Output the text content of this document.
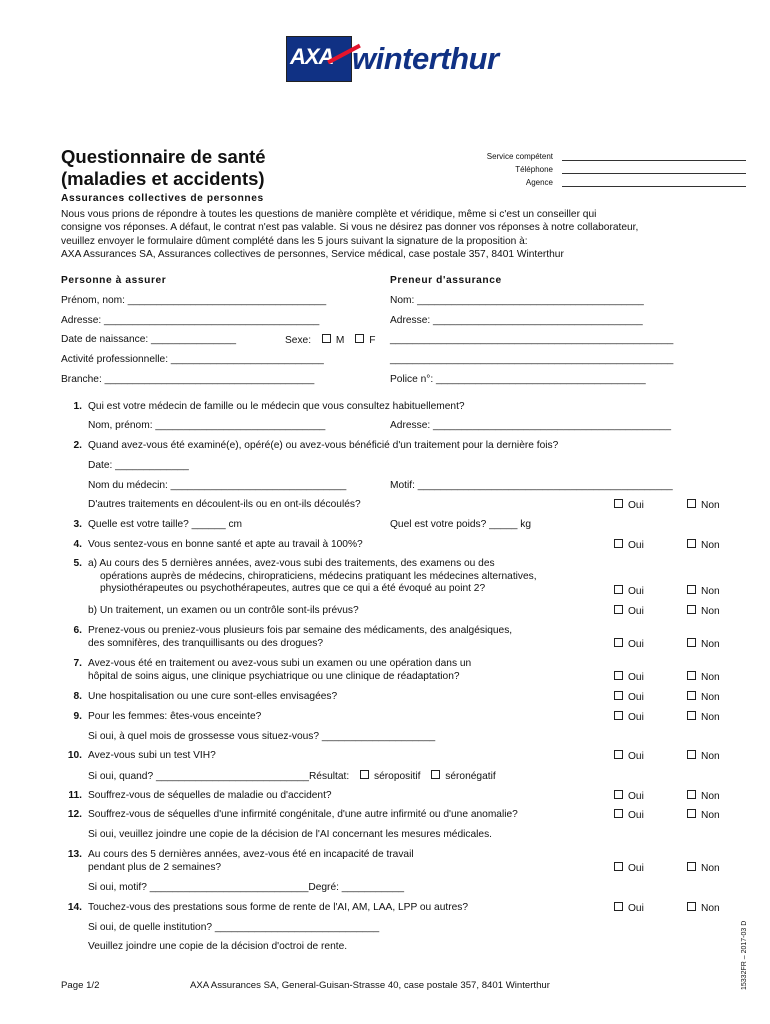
AXA winterthur
Questionnaire de santé
(maladies et accidents)
Service compétent
Téléphone
Agence
Assurances collectives de personnes
Nous vous prions de répondre à toutes les questions de manière complète et véridique, même si c'est un conseiller qui
consigne vos réponses. A défaut, le contrat n'est pas valable. Si vous ne désirez pas donner vos réponses à notre collaborateur,
veuillez envoyer le formulaire dûment complété dans les 5 jours suivant la signature de la proposition à:
AXA Assurances SA, Assurances collectives de personnes, Service médical, case postale 357, 8401 Winterthur
Personne à assurer	Preneur d'assurance
Prénom, nom: ___________________________________	Nom: ________________________________________
Adresse: ______________________________________	Adresse: _____________________________________
Date de naissance: _______________	Sexe: M F __________________________________________________
Activité professionnelle: ___________________________	__________________________________________________
Branche: _____________________________________	Police n°: _____________________________________
1. Qui est votre médecin de famille ou le médecin que vous consultez habituellement?
Nom, prénom: ______________________________	Adresse: __________________________________________
2. Quand avez-vous été examiné(e), opéré(e) ou avez-vous bénéficié d'un traitement pour la dernière fois?
Date: _____________
Nom du médecin: _______________________________	Motif: _____________________________________________
D'autres traitements en découlent-ils ou en ont-ils découlés?	Oui	Non
3. Quelle est votre taille? ______ cm	Quel est votre poids? _____ kg
4. Vous sentez-vous en bonne santé et apte au travail à 100%?	Oui	Non
5. a) Au cours des 5 dernières années, avez-vous subi des traitements, des examens ou des
opérations auprès de médecins, chiropraticiens, médecins pratiquant les médecines alternatives,
physiothérapeutes ou psychothérapeutes, autres que ce qui a été évoqué au point 2?	Oui	Non
b) Un traitement, un examen ou un contrôle sont-ils prévus?	Oui	Non
6. Prenez-vous ou preniez-vous plusieurs fois par semaine des médicaments, des analgésiques,
des somnifères, des tranquillisants ou des drogues?	Oui	Non
7. Avez-vous été en traitement ou avez-vous subi un examen ou une opération dans un
hôpital de soins aigus, une clinique psychiatrique ou une clinique de réadaptation?	Oui	Non
8. Une hospitalisation ou une cure sont-elles envisagées?	Oui	Non
9. Pour les femmes: êtes-vous enceinte?	Oui	Non
Si oui, à quel mois de grossesse vous situez-vous? ____________________
10. Avez-vous subi un test VIH?	Oui	Non
Si oui, quand? ___________________________Résultat: séropositif séronégatif
11. Souffrez-vous de séquelles de maladie ou d'accident?	Oui	Non
12. Souffrez-vous de séquelles d'une infirmité congénitale, d'une autre infirmité ou d'une anomalie?	Oui	Non
Si oui, veuillez joindre une copie de la décision de l'AI concernant les mesures médicales.
13. Au cours des 5 dernières années, avez-vous été en incapacité de travail
pendant plus de 2 semaines?	Oui	Non
Si oui, motif? ____________________________Degré: ___________
14. Touchez-vous des prestations sous forme de rente de l'AI, AM, LAA, LPP ou autres?	Oui	Non
Si oui, de quelle institution? _____________________________
Veuillez joindre une copie de la décision d'octroi de rente.
Page 1/2	AXA Assurances SA, General-Guisan-Strasse 40, case postale 357, 8401 Winterthur	15332FR – 2017-03 D
